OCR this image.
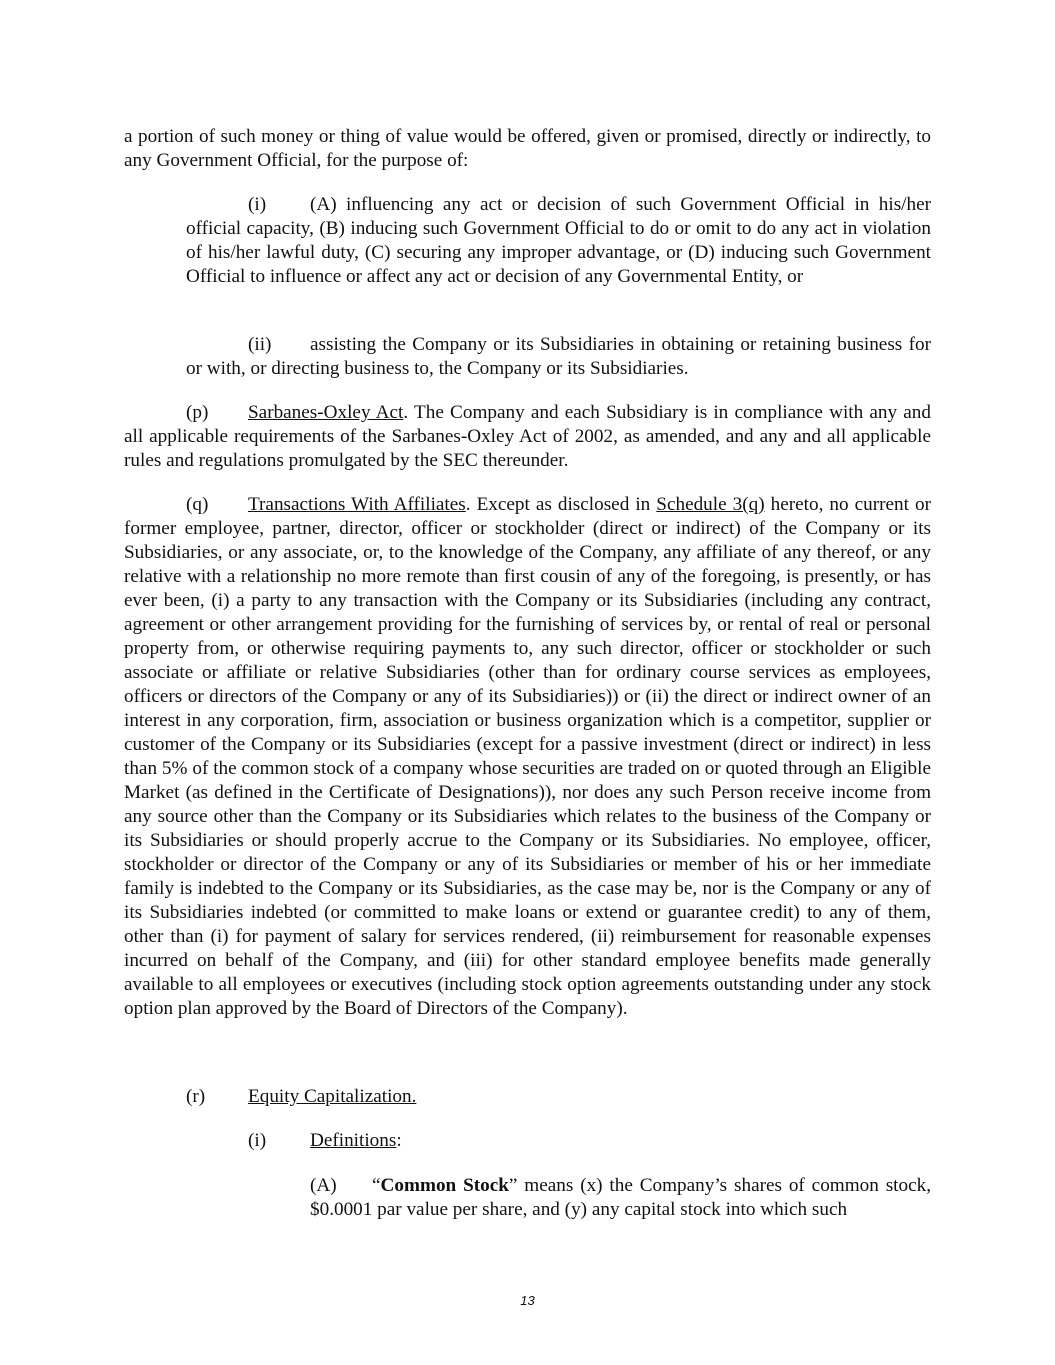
a portion of such money or thing of value would be offered, given or promised, directly or indirectly, to any Government Official, for the purpose of:

(i) (A) influencing any act or decision of such Government Official in his/her official capacity, (B) inducing such Government Official to do or omit to do any act in violation of his/her lawful duty, (C) securing any improper advantage, or (D) inducing such Government Official to influence or affect any act or decision of any Governmental Entity, or

(ii) assisting the Company or its Subsidiaries in obtaining or retaining business for or with, or directing business to, the Company or its Subsidiaries.

(p) Sarbanes-Oxley Act. The Company and each Subsidiary is in compliance with any and all applicable requirements of the Sarbanes-Oxley Act of 2002, as amended, and any and all applicable rules and regulations promulgated by the SEC thereunder.

(q) Transactions With Affiliates. Except as disclosed in Schedule 3(q) hereto, no current or former employee, partner, director, officer or stockholder (direct or indirect) of the Company or its Subsidiaries, or any associate, or, to the knowledge of the Company, any affiliate of any thereof, or any relative with a relationship no more remote than first cousin of any of the foregoing, is presently, or has ever been, (i) a party to any transaction with the Company or its Subsidiaries (including any contract, agreement or other arrangement providing for the furnishing of services by, or rental of real or personal property from, or otherwise requiring payments to, any such director, officer or stockholder or such associate or affiliate or relative Subsidiaries (other than for ordinary course services as employees, officers or directors of the Company or any of its Subsidiaries)) or (ii) the direct or indirect owner of an interest in any corporation, firm, association or business organization which is a competitor, supplier or customer of the Company or its Subsidiaries (except for a passive investment (direct or indirect) in less than 5% of the common stock of a company whose securities are traded on or quoted through an Eligible Market (as defined in the Certificate of Designations)), nor does any such Person receive income from any source other than the Company or its Subsidiaries which relates to the business of the Company or its Subsidiaries or should properly accrue to the Company or its Subsidiaries. No employee, officer, stockholder or director of the Company or any of its Subsidiaries or member of his or her immediate family is indebted to the Company or its Subsidiaries, as the case may be, nor is the Company or any of its Subsidiaries indebted (or committed to make loans or extend or guarantee credit) to any of them, other than (i) for payment of salary for services rendered, (ii) reimbursement for reasonable expenses incurred on behalf of the Company, and (iii) for other standard employee benefits made generally available to all employees or executives (including stock option agreements outstanding under any stock option plan approved by the Board of Directors of the Company).

(r) Equity Capitalization.

(i) Definitions:

(A) “Common Stock” means (x) the Company’s shares of common stock, $0.0001 par value per share, and (y) any capital stock into which such

13
